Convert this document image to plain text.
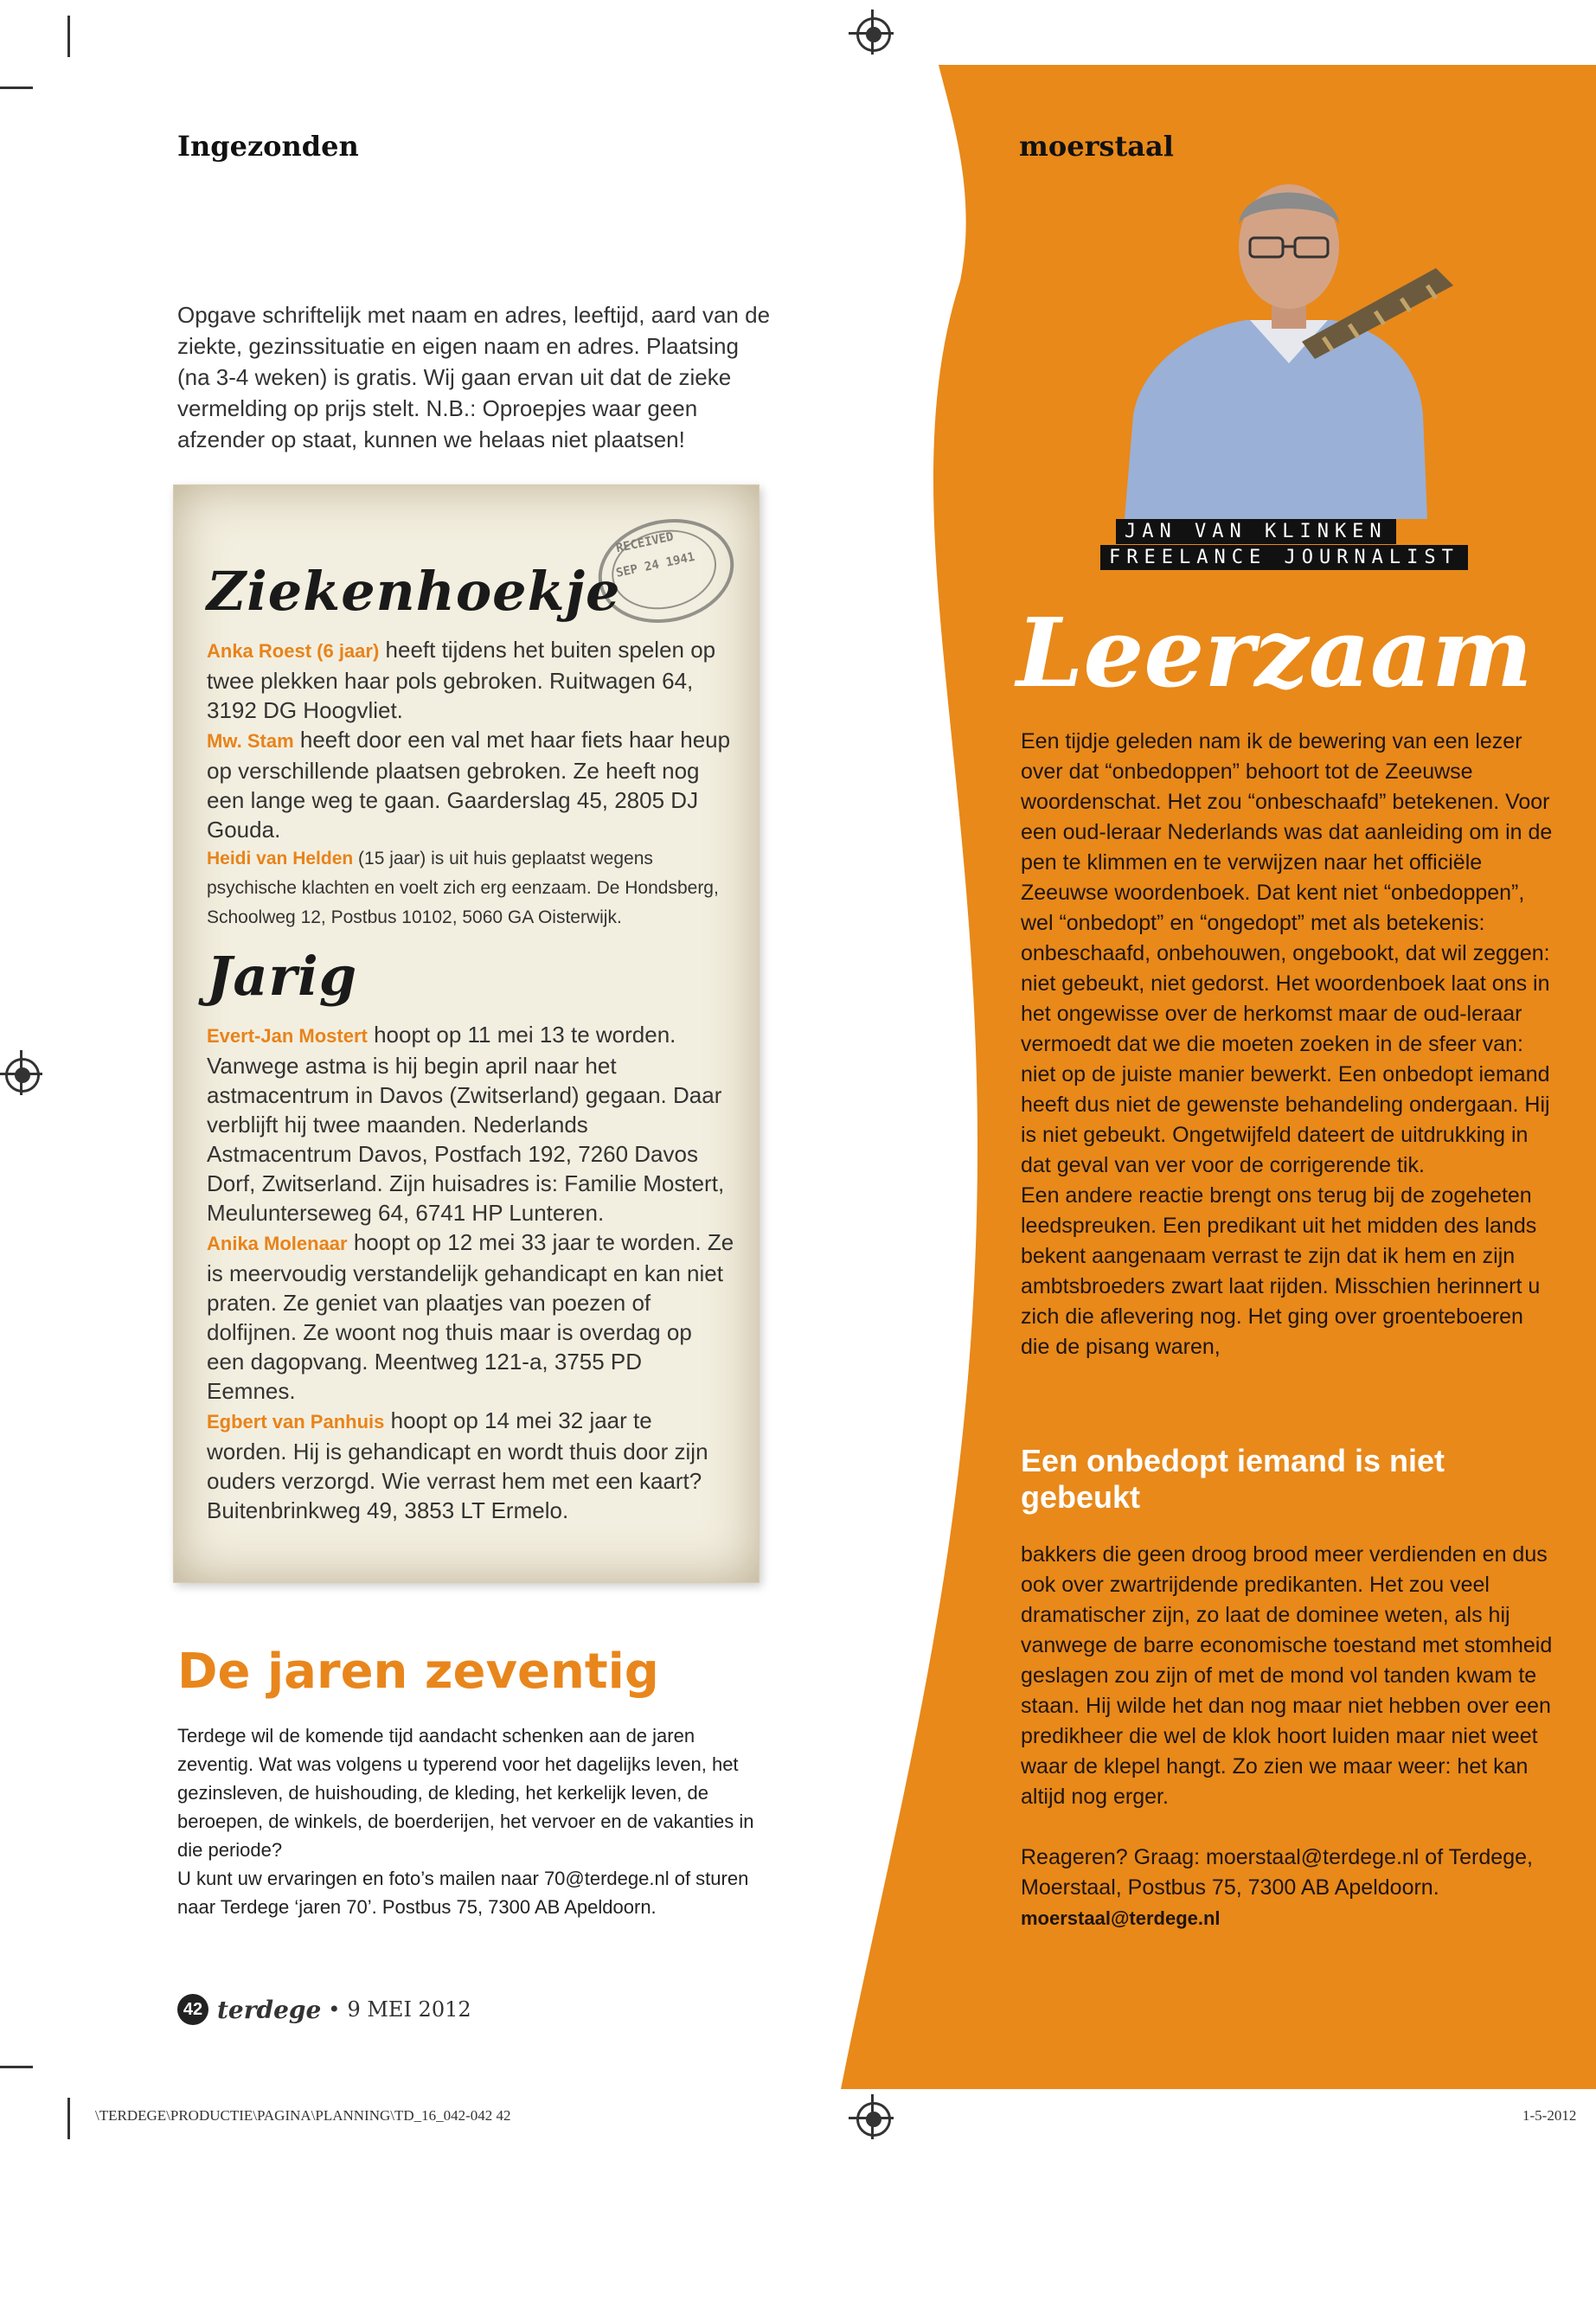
Ingezonden	moerstaal
Opgave schriftelijk met naam en adres, leeftijd, aard van de ziekte, gezinssituatie en eigen naam en adres. Plaatsing (na 3-4 weken) is gratis. Wij gaan ervan uit dat de zieke vermelding op prijs stelt. N.B.: Oproepjes waar geen afzender op staat, kunnen we helaas niet plaatsen!
RECEIVED
SEP 24 1941
Ziekenhoekje
Anka Roest (6 jaar) heeft tijdens het buiten spelen op twee plekken haar pols gebroken. Ruitwagen 64, 3192 DG Hoogvliet.
Mw. Stam heeft door een val met haar fiets haar heup op verschillende plaatsen gebroken. Ze heeft nog een lange weg te gaan. Gaarderslag 45, 2805 DJ Gouda.
Heidi van Helden (15 jaar) is uit huis geplaatst wegens psychische klachten en voelt zich erg eenzaam. De Hondsberg, Schoolweg 12, Postbus 10102, 5060 GA Oisterwijk.
Jarig
Evert-Jan Mostert hoopt op 11 mei 13 te worden. Vanwege astma is hij begin april naar het astmacentrum in Davos (Zwitserland) gegaan. Daar verblijft hij twee maanden. Nederlands Astmacentrum Davos, Postfach 192, 7260 Davos Dorf, Zwitserland. Zijn huisadres is: Familie Mostert, Meulunterseweg 64, 6741 HP Lunteren.
Anika Molenaar hoopt op 12 mei 33 jaar te worden. Ze is meervoudig verstandelijk gehandicapt en kan niet praten. Ze geniet van plaatjes van poezen of dolfijnen. Ze woont nog thuis maar is overdag op een dagopvang. Meentweg 121-a, 3755 PD Eemnes.
Egbert van Panhuis hoopt op 14 mei 32 jaar te worden. Hij is gehandicapt en wordt thuis door zijn ouders verzorgd. Wie verrast hem met een kaart? Buitenbrinkweg 49, 3853 LT Ermelo.
De jaren zeventig
Terdege wil de komende tijd aandacht schenken aan de jaren zeventig. Wat was volgens u typerend voor het dagelijks leven, het gezinsleven, de huishouding, de kleding, het kerkelijk leven, de beroepen, de winkels, de boerderijen, het vervoer en de vakanties in die periode?
U kunt uw ervaringen en foto’s mailen naar 70@terdege.nl of sturen naar Terdege ‘jaren 70’. Postbus 75, 7300 AB Apeldoorn.
42 terdege • 9 MEI 2012
\TERDEGE\PRODUCTIE\PAGINA\PLANNING\TD_16_042-042 42	1-5-2012
JAN VAN KLINKEN
FREELANCE JOURNALIST
Leerzaam
Een tijdje geleden nam ik de bewering van een lezer over dat “onbedoppen” behoort tot de Zeeuwse woordenschat. Het zou “onbeschaafd” betekenen. Voor een oud-leraar Nederlands was dat aanleiding om in de pen te klimmen en te verwijzen naar het officiële Zeeuwse woordenboek. Dat kent niet “onbedoppen”, wel “onbedopt” en “ongedopt” met als betekenis: onbeschaafd, onbehouwen, ongebookt, dat wil zeggen: niet gebeukt, niet gedorst. Het woordenboek laat ons in het ongewisse over de herkomst maar de oud-leraar vermoedt dat we die moeten zoeken in de sfeer van: niet op de juiste manier bewerkt. Een onbedopt iemand heeft dus niet de gewenste behandeling ondergaan. Hij is niet gebeukt. Ongetwijfeld dateert de uitdrukking in dat geval van ver voor de corrigerende tik.
Een andere reactie brengt ons terug bij de zogeheten leedspreuken. Een predikant uit het midden des lands bekent aangenaam verrast te zijn dat ik hem en zijn ambtsbroeders zwart laat rijden. Misschien herinnert u zich die aflevering nog. Het ging over groenteboeren die de pisang waren,
Een onbedopt iemand is niet gebeukt
bakkers die geen droog brood meer verdienden en dus ook over zwartrijdende predikanten. Het zou veel dramatischer zijn, zo laat de dominee weten, als hij vanwege de barre economische toestand met stomheid geslagen zou zijn of met de mond vol tanden kwam te staan. Hij wilde het dan nog maar niet hebben over een predikheer die wel de klok hoort luiden maar niet weet waar de klepel hangt. Zo zien we maar weer: het kan altijd nog erger.
Reageren? Graag: moerstaal@terdege.nl of Terdege, Moerstaal, Postbus 75, 7300 AB Apeldoorn.
moerstaal@terdege.nl
